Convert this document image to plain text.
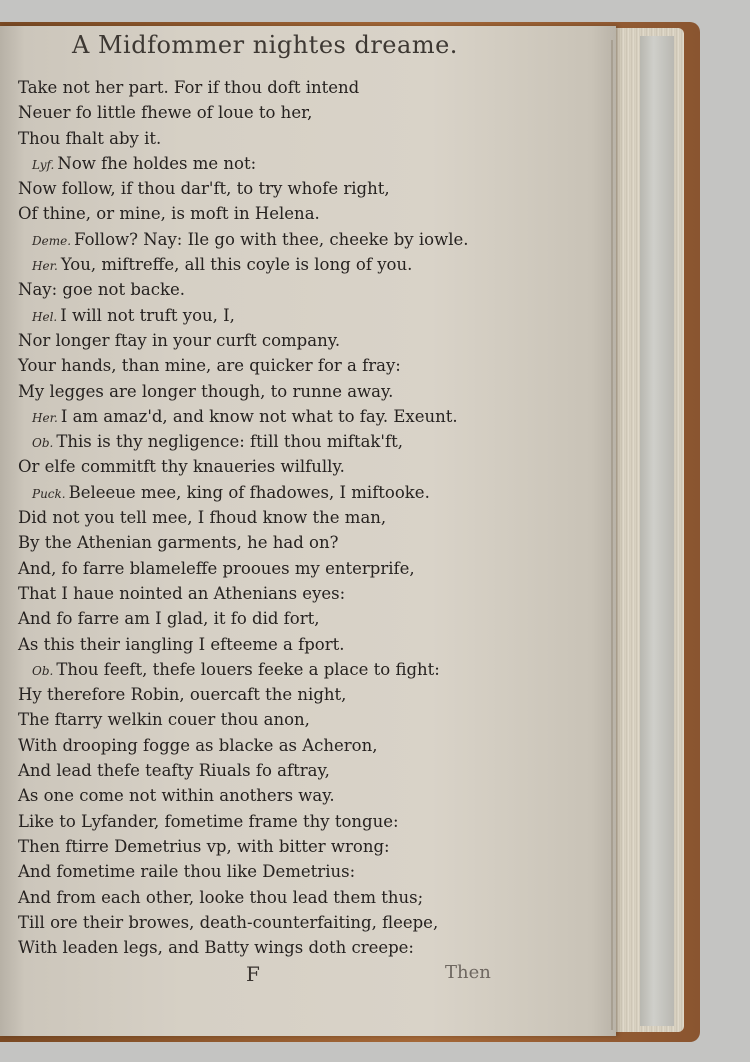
A Midfommer nightes dreame.
Take not her part. For if thou doft intend
Neuer fo little fhewe of loue to her,
Thou fhalt aby it.
Lyf. Now fhe holdes me not:
Now follow, if thou dar'ft, to try whofe right,
Of thine, or mine, is moft in Helena.
Deme. Follow? Nay: Ile go with thee, cheeke by iowle.
Her. You, miftreffe, all this coyle is long of you.
Nay: goe not backe.
Hel. I will not truft you, I,
Nor longer ftay in your curft company.
Your hands, than mine, are quicker for a fray:
My legges are longer though, to runne away.
Her. I am amaz'd, and know not what to fay. Exeunt.
Ob. This is thy negligence: ftill thou miftak'ft,
Or elfe commitft thy knaueries wilfully.
Puck. Beleeue mee, king of fhadowes, I miftooke.
Did not you tell mee, I fhoud know the man,
By the Athenian garments, he had on?
And, fo farre blameleffe prooues my enterprife,
That I haue nointed an Athenians eyes:
And fo farre am I glad, it fo did fort,
As this their iangling I efteeme a fport.
Ob. Thou feeft, thefe louers feeke a place to fight:
Hy therefore Robin, ouercaft the night,
The ftarry welkin couer thou anon,
With drooping fogge as blacke as Acheron,
And lead thefe teafty Riuals fo aftray,
As one come not within anothers way.
Like to Lyfander, fometime frame thy tongue:
Then ftirre Demetrius vp, with bitter wrong:
And fometime raile thou like Demetrius:
And from each other, looke thou lead them thus;
Till ore their browes, death-counterfaiting, fleepe,
With leaden legs, and Batty wings doth creepe:
F	Then
